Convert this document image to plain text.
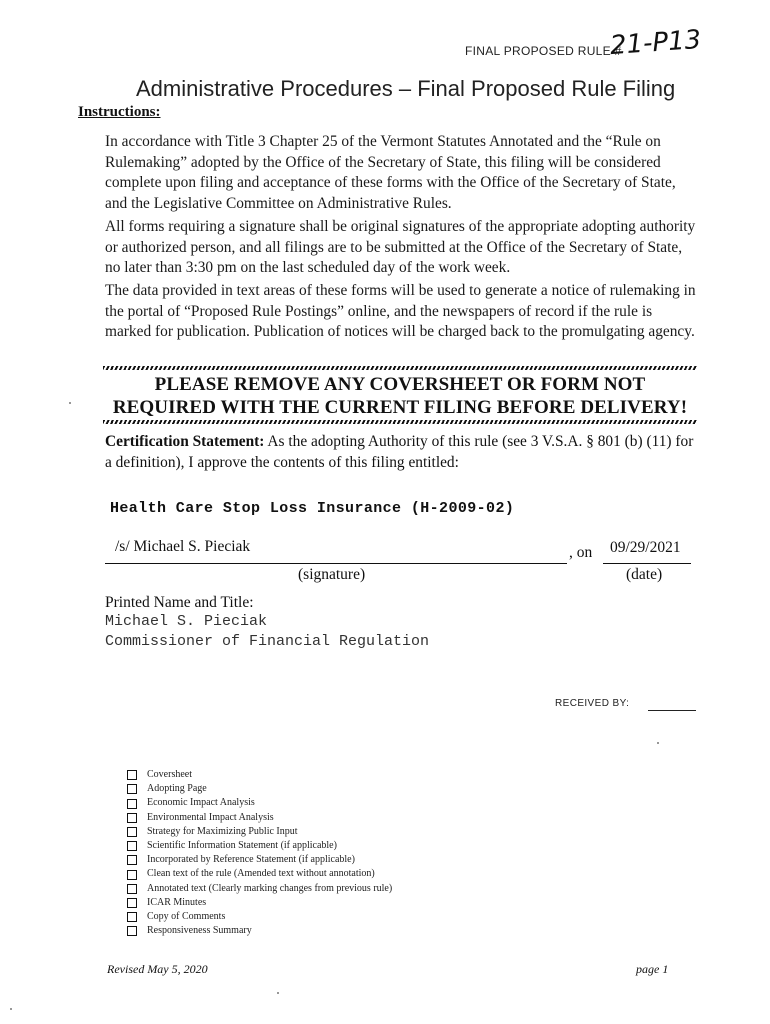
FINAL PROPOSED RULE #
21-P13
Administrative Procedures – Final Proposed Rule Filing
Instructions:
In accordance with Title 3 Chapter 25 of the Vermont Statutes Annotated and the “Rule on Rulemaking” adopted by the Office of the Secretary of State, this filing will be considered complete upon filing and acceptance of these forms with the Office of the Secretary of State, and the Legislative Committee on Administrative Rules.
All forms requiring a signature shall be original signatures of the appropriate adopting authority or authorized person, and all filings are to be submitted at the Office of the Secretary of State, no later than 3:30 pm on the last scheduled day of the work week.
The data provided in text areas of these forms will be used to generate a notice of rulemaking in the portal of “Proposed Rule Postings” online, and the newspapers of record if the rule is marked for publication. Publication of notices will be charged back to the promulgating agency.
PLEASE REMOVE ANY COVERSHEET OR FORM NOT
REQUIRED WITH THE CURRENT FILING BEFORE DELIVERY!
Certification Statement: As the adopting Authority of this rule (see 3 V.S.A. § 801 (b) (11) for a definition), I approve the contents of this filing entitled:
Health Care Stop Loss Insurance (H-2009-02)
/s/ Michael S. Pieciak	, on 09/29/2021
(signature)	(date)
Printed Name and Title:
Michael S. Pieciak
Commissioner of Financial Regulation
RECEIVED BY:
Coversheet
Adopting Page
Economic Impact Analysis
Environmental Impact Analysis
Strategy for Maximizing Public Input
Scientific Information Statement (if applicable)
Incorporated by Reference Statement (if applicable)
Clean text of the rule (Amended text without annotation)
Annotated text (Clearly marking changes from previous rule)
ICAR Minutes
Copy of Comments
Responsiveness Summary
Revised May 5, 2020	page 1
